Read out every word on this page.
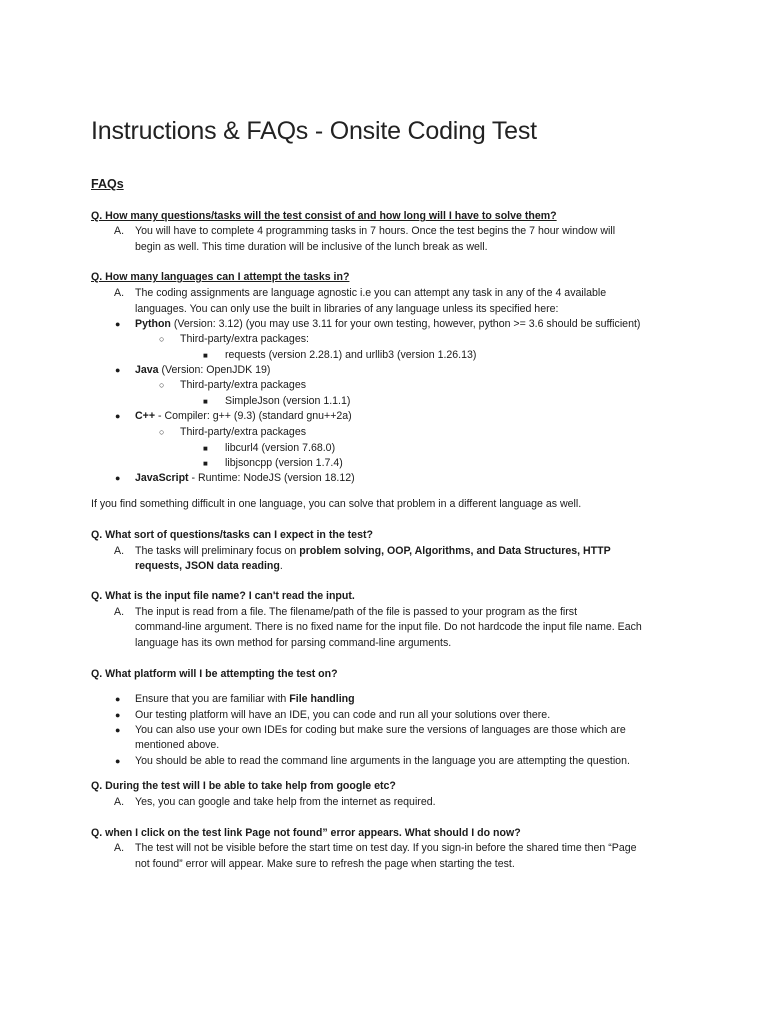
Instructions & FAQs - Onsite Coding Test
FAQs
Q. How many questions/tasks will the test consist of and how long will I have to solve them?
A. You will have to complete 4 programming tasks in 7 hours. Once the test begins the 7 hour window will
begin as well. This time duration will be inclusive of the lunch break as well.
Q. How many languages can I attempt the tasks in?
A. The coding assignments are language agnostic i.e you can attempt any task in any of the 4 available
languages. You can only use the built in libraries of any language unless its specified here:
● Python (Version: 3.12) (you may use 3.11 for your own testing, however, python >= 3.6 should be sufficient)
○ Third-party/extra packages:
■ requests (version 2.28.1) and urllib3 (version 1.26.13)
● Java (Version: OpenJDK 19)
○ Third-party/extra packages
■ SimpleJson (version 1.1.1)
● C++ - Compiler: g++ (9.3) (standard gnu++2a)
○ Third-party/extra packages
■ libcurl4 (version 7.68.0)
■ libjsoncpp (version 1.7.4)
● JavaScript - Runtime: NodeJS (version 18.12)
If you find something difficult in one language, you can solve that problem in a different language as well.
Q. What sort of questions/tasks can I expect in the test?
A. The tasks will preliminary focus on problem solving, OOP, Algorithms, and Data Structures, HTTP
requests, JSON data reading.
Q. What is the input file name? I can't read the input.
A. The input is read from a file. The filename/path of the file is passed to your program as the first
command-line argument. There is no fixed name for the input file. Do not hardcode the input file name. Each
language has its own method for parsing command-line arguments.
Q. What platform will I be attempting the test on?
● Ensure that you are familiar with File handling
● Our testing platform will have an IDE, you can code and run all your solutions over there.
● You can also use your own IDEs for coding but make sure the versions of languages are those which are
mentioned above.
● You should be able to read the command line arguments in the language you are attempting the question.
Q. During the test will I be able to take help from google etc?
A. Yes, you can google and take help from the internet as required.
Q. when I click on the test link Page not found” error appears. What should I do now?
A. The test will not be visible before the start time on test day. If you sign-in before the shared time then “Page
not found” error will appear. Make sure to refresh the page when starting the test.
